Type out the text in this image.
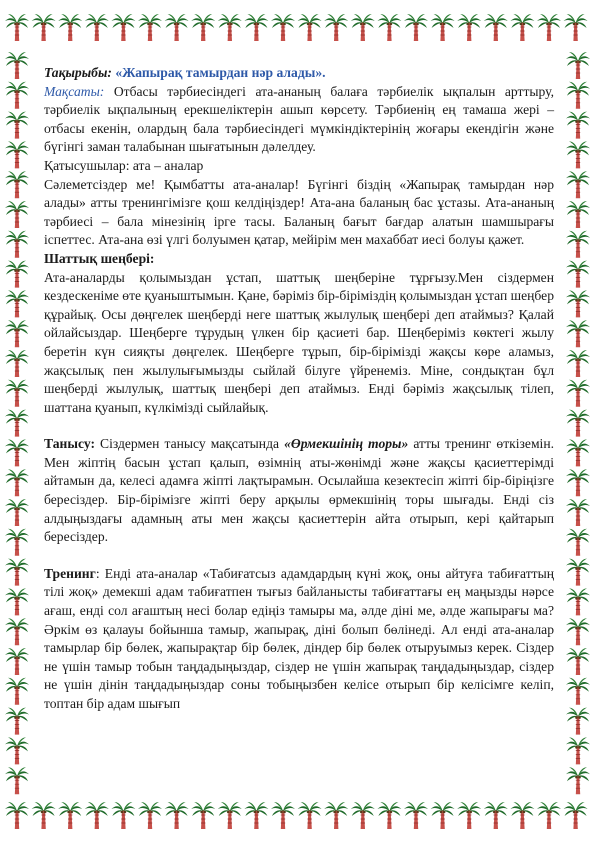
Тақырыбы: «Жапырақ тамырдан нәр алады».

Мақсаты: Отбасы тәрбиесіндегі ата-ананың балаға тәрбиелік ықпалын арттыру, тәрбиелік ықпалының ерекшеліктерін ашып көрсету. Тәрбиенің ең тамаша жері – отбасы екенін, олардың бала тәрбиесіндегі мүмкіндіктерінің жоғары екендігін және бүгінгі заман талабынан шығатынын дәлелдеу.

Қатысушылар: ата – аналар

Сәлеметсіздер ме! Қымбатты ата-аналар! Бүгінгі біздің «Жапырақ тамырдан нәр алады» атты тренингімізге қош келдіңіздер! Ата-ана баланың бас ұстазы. Ата-ананың тәрбиесі – бала мінезінің іргe тасы. Баланың бағыт бағдар алатын шамшырағы іспеттес. Ата-ана өзі үлгі болуымен қатар, мейірім мен махаббат иесі болуы қажет.

Шаттық шеңбері:

Ата-аналарды қолымыздан ұстап, шаттық шеңберіне тұрғызу.Мен сіздермен кездескеніме өте қуаныштымын. Қане, бәріміз бір-біріміздің қолымыздан ұстап шеңбер құрайық. Осы дөңгелек шеңберді неге шаттық жылулық шеңбері деп атаймыз? Қалай ойлайсыздар. Шеңберге тұрудың үлкен бір қасиеті бар. Шеңберіміз көктегі жылу беретін күн сияқты дөңгелек. Шеңберге тұрып, бір-бірімізді жақсы көре аламыз, жақсылық пен жылулығымызды сыйлай білуге үйренеміз. Міне, сондықтан бұл шеңберді жылулық, шаттық шеңбері деп атаймыз. Енді бәріміз жақсылық тілеп, шаттана қуанып, күлкімізді сыйлайық.

Танысу: Сіздермен танысу мақсатында «Өрмекшінің торы» атты тренинг өткіземін. Мен жіптің басын ұстап қалып, өзімнің аты-жөнімді және жақсы қасиеттерімді айтамын да, келесі адамға жіпті лақтырамын. Осылайша кезектесіп жіпті бір-біріңізге бересіздер. Бір-бірімізге жіпті беру арқылы өрмекшінің торы шығады. Енді сіз алдыңыздағы адамның аты мен жақсы қасиеттерін айта отырып, кері қайтарып бересіздер.

Тренинг: Енді ата-аналар «Табиғатсыз адамдардың күні жоқ, оны айтуға табиғаттың тілі жоқ» демекші адам табиғатпен тығыз байланысты табиғаттағы ең маңызды нәрсе ағаш, енді сол ағаштың несі болар едіңіз тамыры ма, әлде діні ме, әлде жапырағы ма? Әркім өз қалауы бойынша тамыр, жапырақ, діні болып бөлінеді. Ал енді ата-аналар тамырлар бір бөлек, жапырақтар бір бөлек, діндер бір бөлек отыруымыз керек. Сіздер не үшін тамыр тобын таңдадыңыздар, сіздер не үшін жапырақ таңдадыңыздар, сіздер не үшін дінін таңдадыңыздар соны тобыңызбен келісе отырып бір келісімге келіп, топтан бір адам шығып
